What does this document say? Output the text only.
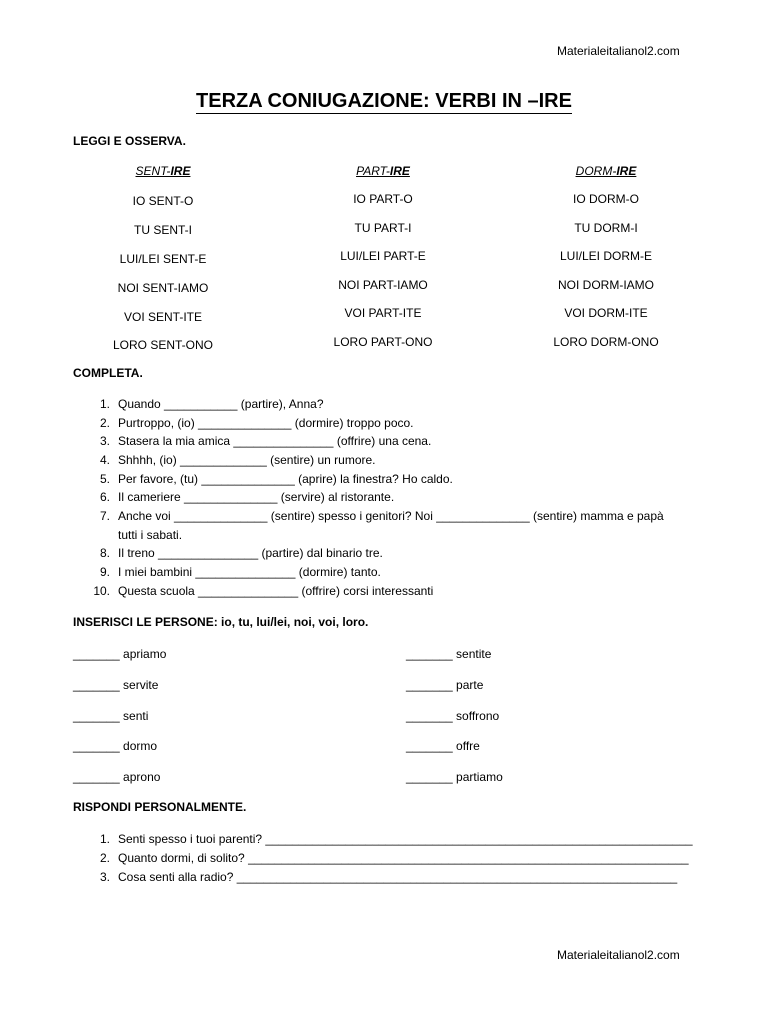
Materialeitalianol2.com
TERZA CONIUGAZIONE: VERBI IN –IRE
LEGGI E OSSERVA.
SENT-IRE
IO SENT-O
TU SENT-I
LUI/LEI SENT-E
NOI SENT-IAMO
VOI SENT-ITE
LORO SENT-ONO
PART-IRE
IO PART-O
TU PART-I
LUI/LEI PART-E
NOI PART-IAMO
VOI PART-ITE
LORO PART-ONO
DORM-IRE
IO DORM-O
TU DORM-I
LUI/LEI DORM-E
NOI DORM-IAMO
VOI DORM-ITE
LORO DORM-ONO
COMPLETA.
1. Quando ___________ (partire), Anna?
2. Purtroppo, (io) ______________ (dormire) troppo poco.
3. Stasera la mia amica _______________ (offrire) una cena.
4. Shhhh, (io) _____________ (sentire) un rumore.
5. Per favore, (tu) ______________ (aprire) la finestra? Ho caldo.
6. Il cameriere ______________ (servire) al ristorante.
7. Anche voi ______________ (sentire) spesso i genitori? Noi ______________ (sentire) mamma e papà
tutti i sabati.
8. Il treno _______________ (partire) dal binario tre.
9. I miei bambini _______________ (dormire) tanto.
10. Questa scuola _______________ (offrire) corsi interessanti
INSERISCI LE PERSONE: io, tu, lui/lei, noi, voi, loro.
_______ apriamo
_______ servite
_______ senti
_______ dormo
_______ aprono
_______ sentite
_______ parte
_______ soffrono
_______ offre
_______ partiamo
RISPONDI PERSONALMENTE.
1. Senti spesso i tuoi parenti? ________________________________________________________________
2. Quanto dormi, di solito? __________________________________________________________________
3. Cosa senti alla radio? __________________________________________________________________
Materialeitalianol2.com
